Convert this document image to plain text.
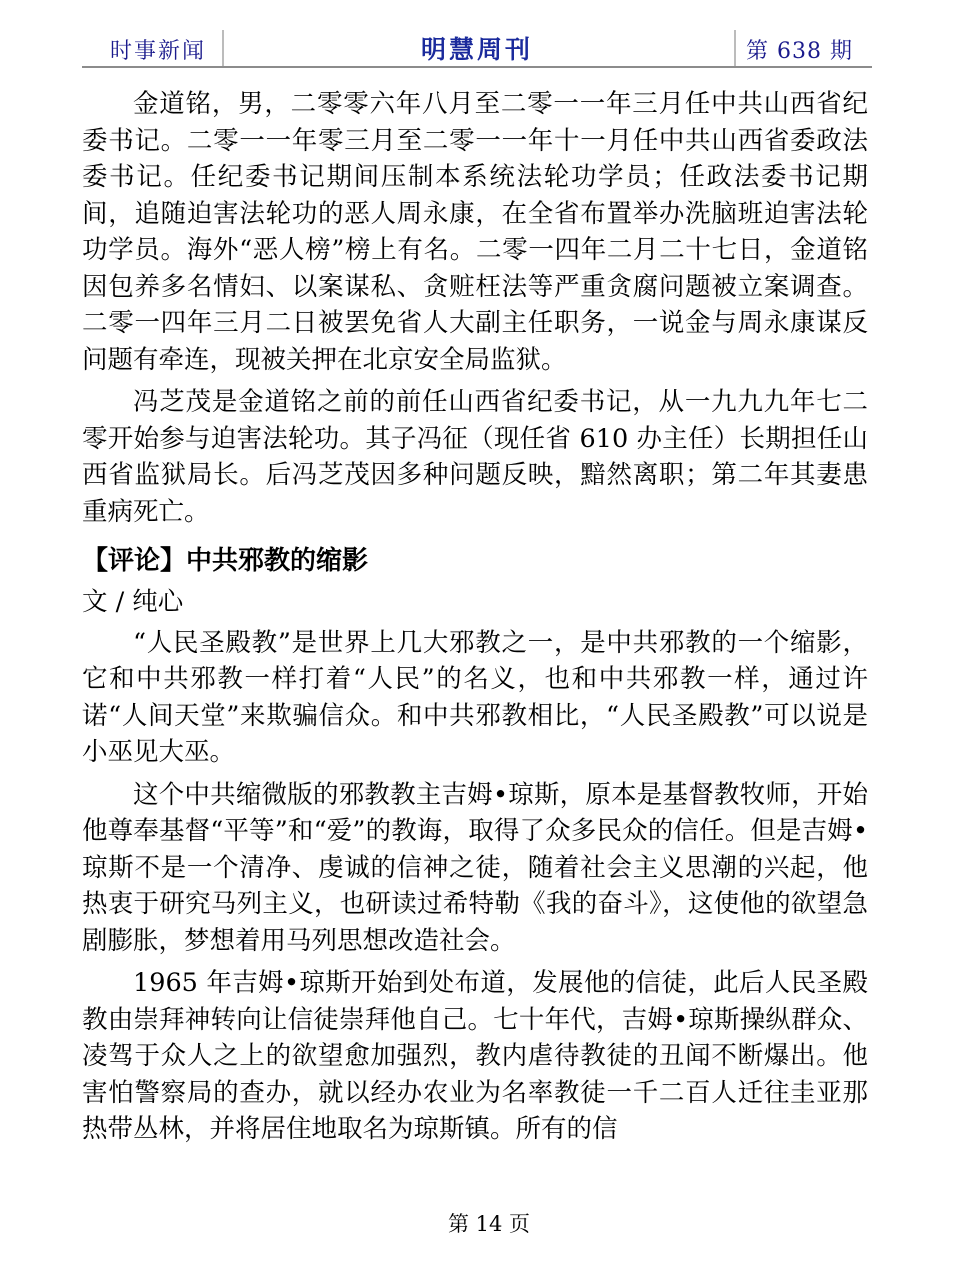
时事新闻	明慧周刊	第 638 期

金道铭，男，二零零六年八月至二零一一年三月任中共山西省纪委书记。二零一一年零三月至二零一一年十一月任中共山西省委政法委书记。任纪委书记期间压制本系统法轮功学员；任政法委书记期间，追随迫害法轮功的恶人周永康，在全省布置举办洗脑班迫害法轮功学员。海外“恶人榜”榜上有名。二零一四年二月二十七日，金道铭因包养多名情妇、以案谋私、贪赃枉法等严重贪腐问题被立案调查。二零一四年三月二日被罢免省人大副主任职务，一说金与周永康谋反问题有牵连，现被关押在北京安全局监狱。

冯芝茂是金道铭之前的前任山西省纪委书记，从一九九九年七二零开始参与迫害法轮功。其子冯征（现任省 610 办主任）长期担任山西省监狱局长。后冯芝茂因多种问题反映，黯然离职；第二年其妻患重病死亡。

【评论】中共邪教的缩影
文 / 纯心

“人民圣殿教”是世界上几大邪教之一，是中共邪教的一个缩影，它和中共邪教一样打着“人民”的名义，也和中共邪教一样，通过许诺“人间天堂”来欺骗信众。和中共邪教相比，“人民圣殿教”可以说是小巫见大巫。

这个中共缩微版的邪教教主吉姆•琼斯，原本是基督教牧师，开始他尊奉基督“平等”和“爱”的教诲，取得了众多民众的信任。但是吉姆•琼斯不是一个清净、虔诚的信神之徒，随着社会主义思潮的兴起，他热衷于研究马列主义，也研读过希特勒《我的奋斗》，这使他的欲望急剧膨胀，梦想着用马列思想改造社会。

1965 年吉姆•琼斯开始到处布道，发展他的信徒，此后人民圣殿教由崇拜神转向让信徒崇拜他自己。七十年代，吉姆•琼斯操纵群众、凌驾于众人之上的欲望愈加强烈，教内虐待教徒的丑闻不断爆出。他害怕警察局的查办，就以经办农业为名率教徒一千二百人迁往圭亚那热带丛林，并将居住地取名为琼斯镇。所有的信

第 14 页
